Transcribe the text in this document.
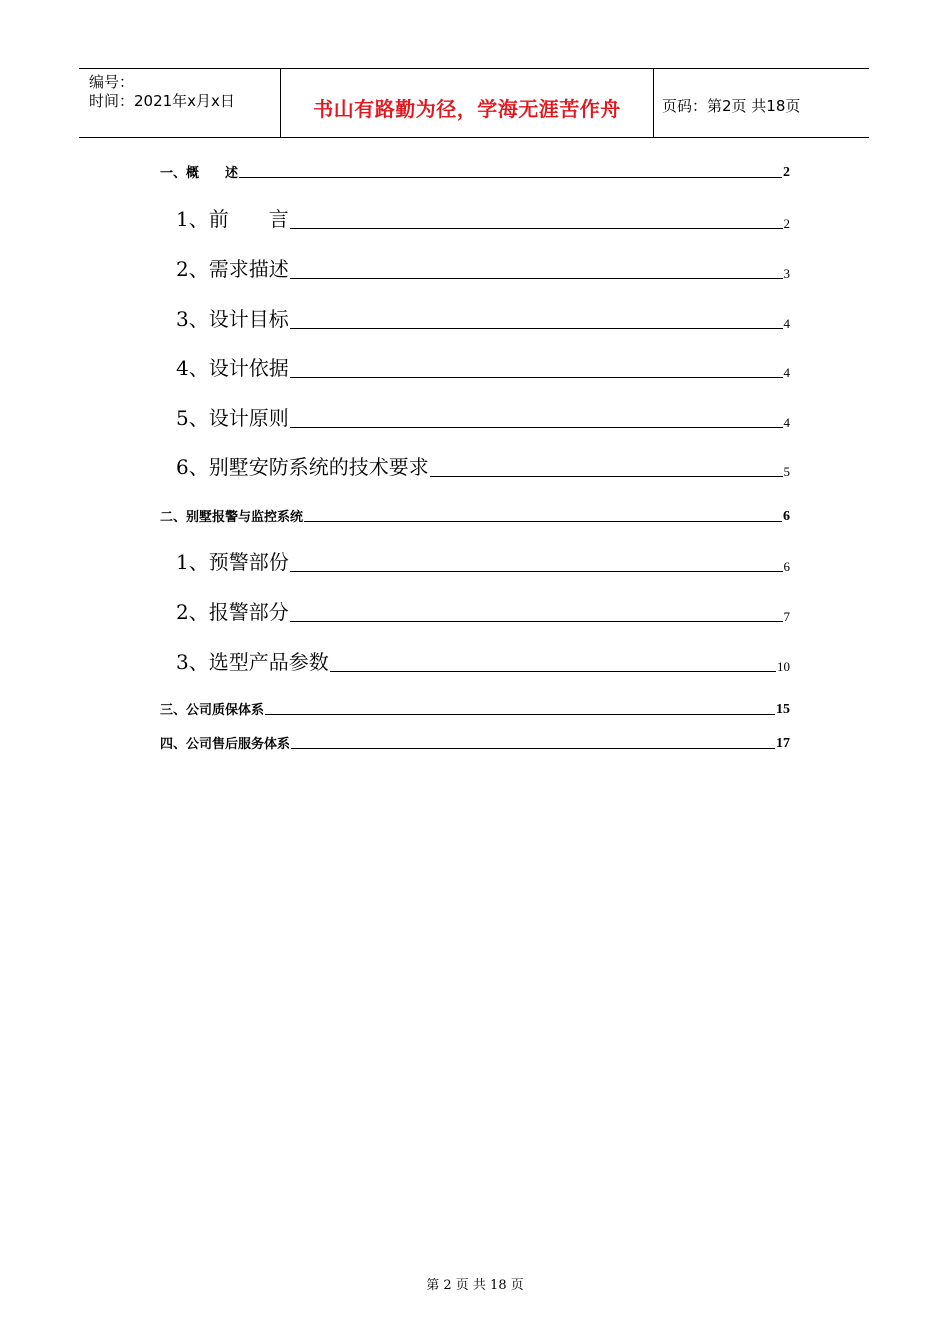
编号：
时间：2021年x月x日	书山有路勤为径，学海无涯苦作舟	页码：第2页 共18页
一、概　　述	2
1、前　　言	2
2、需求描述	3
3、设计目标	4
4、设计依据	4
5、设计原则	4
6、别墅安防系统的技术要求	5
二、别墅报警与监控系统	6
1、预警部份	6
2、报警部分	7
3、选型产品参数	10
三、公司质保体系	15
四、公司售后服务体系	17
第 2 页 共 18 页
